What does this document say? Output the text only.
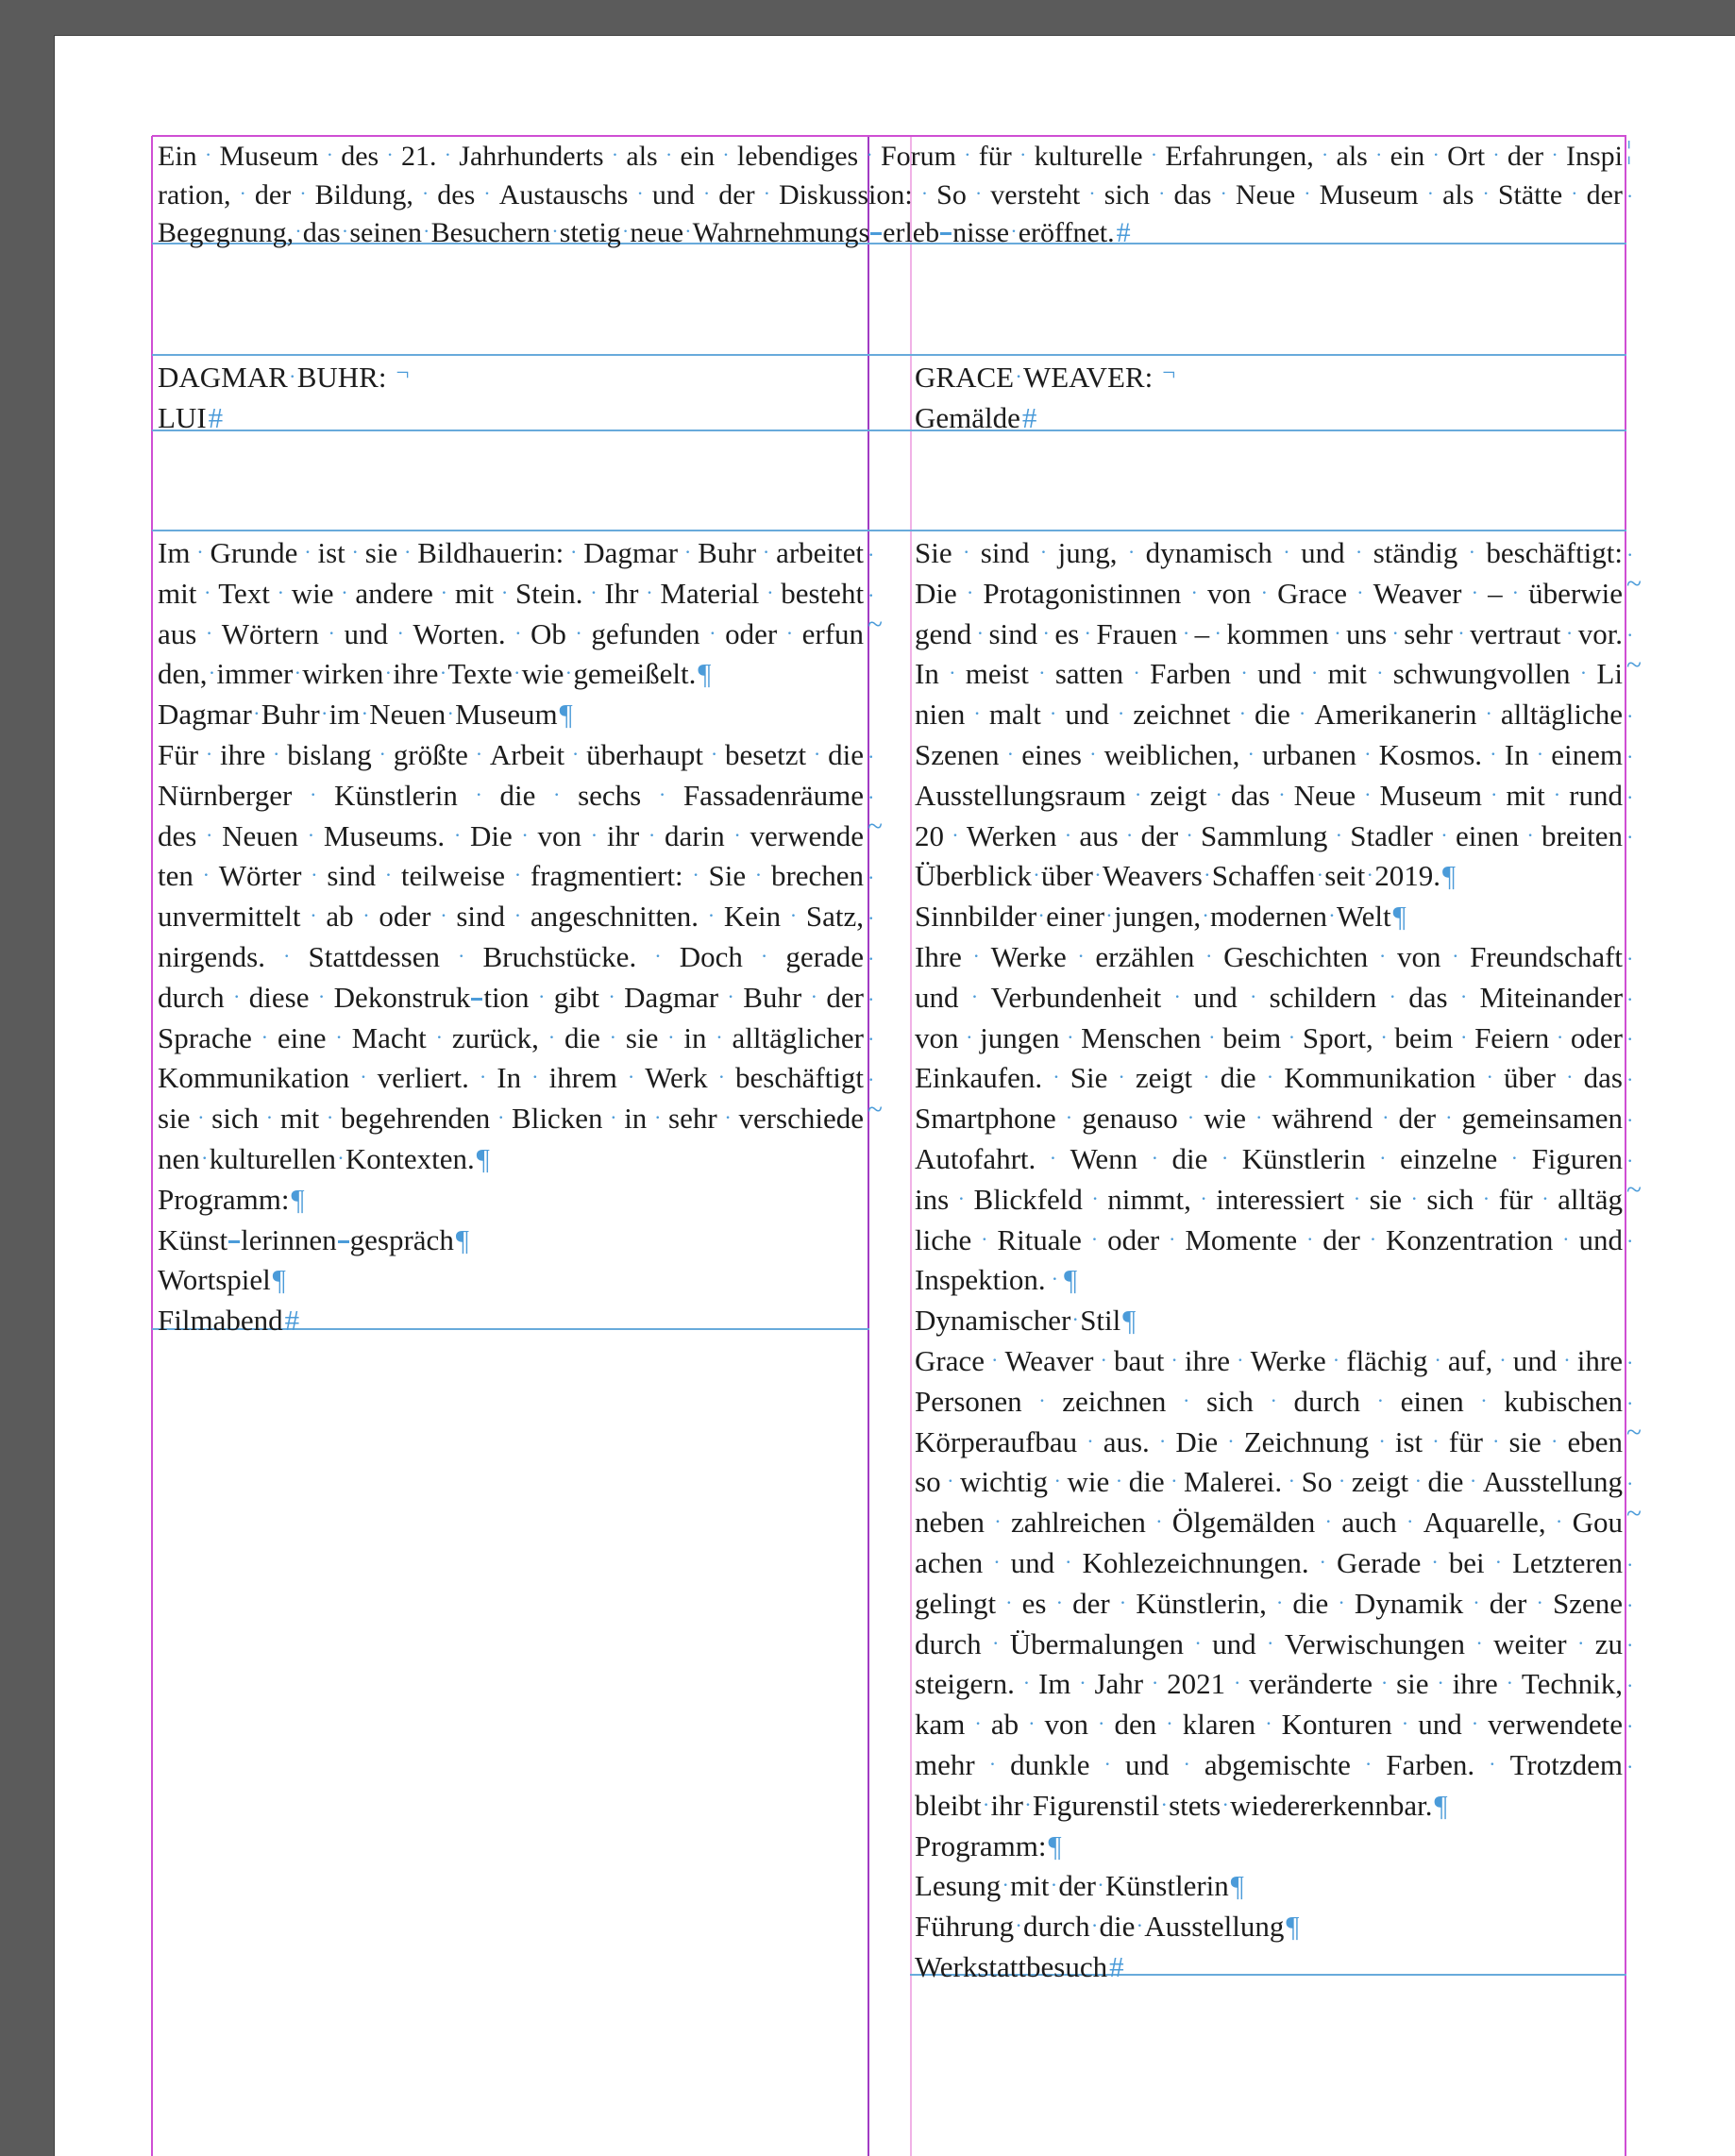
Ein · Museum · des · 21. · Jahrhunderts · als · ein · lebendiges · Forum · für · kulturelle · Erfahrungen, · als · ein · Ort · der · Inspi ¦
ration, · der · Bildung, · des · Austauschs · und · der · Diskussion: · So · versteht · sich · das · Neue · Museum · als · Stätte · der ·
Begegnung, · das · seinen · Besuchern · stetig · neue · Wahrnehmungs erleb nisse · eröffnet. #
DAGMAR · BUHR: ¬
LUI #
GRACE · WEAVER: ¬
Gemälde #
Im · Grunde · ist · sie · Bildhauerin: · Dagmar · Buhr · arbeitet ·
mit · Text · wie · andere · mit · Stein. · Ihr · Material · besteht ·
aus · Wörtern · und · Worten. · Ob · gefunden · oder · erfun ~
den, · immer · wirken · ihre · Texte · wie · gemeißelt. ¶
Dagmar · Buhr · im · Neuen · Museum ¶
Für · ihre · bislang · größte · Arbeit · überhaupt · besetzt · die ·
Nürnberger · Künstlerin · die · sechs · Fassadenräume ·
des · Neuen · Museums. · Die · von · ihr · darin · verwende ~
ten · Wörter · sind · teilweise · fragmentiert: · Sie · brechen ·
unvermittelt · ab · oder · sind · angeschnitten. · Kein · Satz, ·
nirgends. · Stattdessen · Bruchstücke. · Doch · gerade ·
durch · diese · Dekonstruk tion · gibt · Dagmar · Buhr · der ·
Sprache · eine · Macht · zurück, · die · sie · in · alltäglicher ·
Kommunikation · verliert. · In · ihrem · Werk · beschäftigt ·
sie · sich · mit · begehrenden · Blicken · in · sehr · verschiede ~
nen · kulturellen · Kontexten. ¶
Programm: ¶
Künst lerinnen gespräch ¶
Wortspiel ¶
Filmabend #
Sie · sind · jung, · dynamisch · und · ständig · beschäftigt: ·
Die · Protagonistinnen · von · Grace · Weaver · – · überwie ~
gend · sind · es · Frauen · – · kommen · uns · sehr · vertraut · vor. ·
In · meist · satten · Farben · und · mit · schwungvollen · Li ~
nien · malt · und · zeichnet · die · Amerikanerin · alltägliche ·
Szenen · eines · weiblichen, · urbanen · Kosmos. · In · einem ·
Ausstellungsraum · zeigt · das · Neue · Museum · mit · rund ·
20 · Werken · aus · der · Sammlung · Stadler · einen · breiten ·
Überblick · über · Weavers · Schaffen · seit · 2019. ¶
Sinnbilder · einer · jungen, · modernen · Welt ¶
Ihre · Werke · erzählen · Geschichten · von · Freundschaft ·
und · Verbundenheit · und · schildern · das · Miteinander ·
von · jungen · Menschen · beim · Sport, · beim · Feiern · oder ·
Einkaufen. · Sie · zeigt · die · Kommunikation · über · das ·
Smartphone · genauso · wie · während · der · gemeinsamen ·
Autofahrt. · Wenn · die · Künstlerin · einzelne · Figuren ·
ins · Blickfeld · nimmt, · interessiert · sie · sich · für · alltäg ~
liche · Rituale · oder · Momente · der · Konzentration · und ·
Inspektion. · ¶
Dynamischer · Stil ¶
Grace · Weaver · baut · ihre · Werke · flächig · auf, · und · ihre ·
Personen · zeichnen · sich · durch · einen · kubischen ·
Körperaufbau · aus. · Die · Zeichnung · ist · für · sie · eben ~
so · wichtig · wie · die · Malerei. · So · zeigt · die · Ausstellung ·
neben · zahlreichen · Ölgemälden · auch · Aquarelle, · Gou ~
achen · und · Kohlezeichnungen. · Gerade · bei · Letzteren ·
gelingt · es · der · Künstlerin, · die · Dynamik · der · Szene ·
durch · Übermalungen · und · Verwischungen · weiter · zu ·
steigern. · Im · Jahr · 2021 · veränderte · sie · ihre · Technik, ·
kam · ab · von · den · klaren · Konturen · und · verwendete ·
mehr · dunkle · und · abgemischte · Farben. · Trotzdem ·
bleibt · ihr · Figurenstil · stets · wiedererkennbar. ¶
Programm: ¶
Lesung · mit · der · Künstlerin ¶
Führung · durch · die · Ausstellung ¶
Werkstattbesuch #
